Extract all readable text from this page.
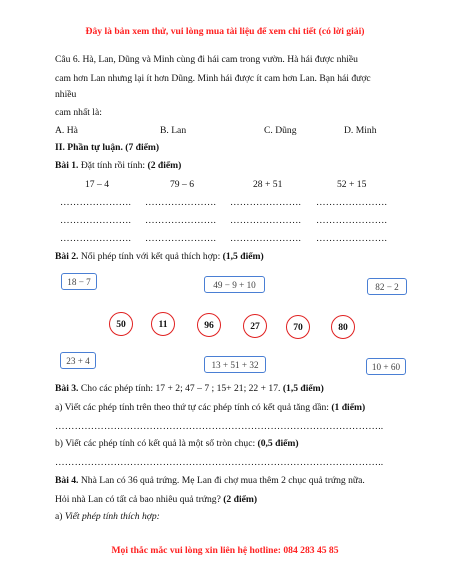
Đây là bản xem thử, vui lòng mua tài liệu để xem chi tiết (có lời giải)
Câu 6. Hà, Lan, Dũng và Minh cùng đi hái cam trong vườn. Hà hái được nhiều
cam hơn Lan nhưng lại ít hơn Dũng. Minh hái được ít cam hơn Lan. Bạn hái được
nhiều
cam nhất là:
A. Hà	B. Lan	C. Dũng	D. Minh
II. Phần tự luận. (7 điểm)
Bài 1. Đặt tính rồi tính: (2 điểm)
17 – 4	79 – 6	28 + 51	52 + 15
…………………. …………………. …………………. ………………….
…………………. …………………. …………………. ………………….
…………………. …………………. …………………. ………………….
Bài 2. Nối phép tính với kết quả thích hợp: (1,5 điểm)
18 − 7	49 − 9 + 10	82 − 2
50	11	96	27	70	80
23 + 4	13 + 51 + 32	10 + 60
Bài 3. Cho các phép tính: 17 + 2; 47 – 7 ; 15+ 21; 22 + 17. (1,5 điểm)
a) Viết các phép tính trên theo thứ tự các phép tính có kết quả tăng dần: (1 điểm)
………………………………………………………………………………………..
b) Viết các phép tính có kết quả là một số tròn chục: (0,5 điểm)
………………………………………………………………………………………..
Bài 4. Nhà Lan có 36 quả trứng. Mẹ Lan đi chợ mua thêm 2 chục quả trứng nữa.
Hỏi nhà Lan có tất cả bao nhiêu quả trứng? (2 điểm)
a) Viết phép tính thích hợp:
Mọi thắc mắc vui lòng xin liên hệ hotline: 084 283 45 85
